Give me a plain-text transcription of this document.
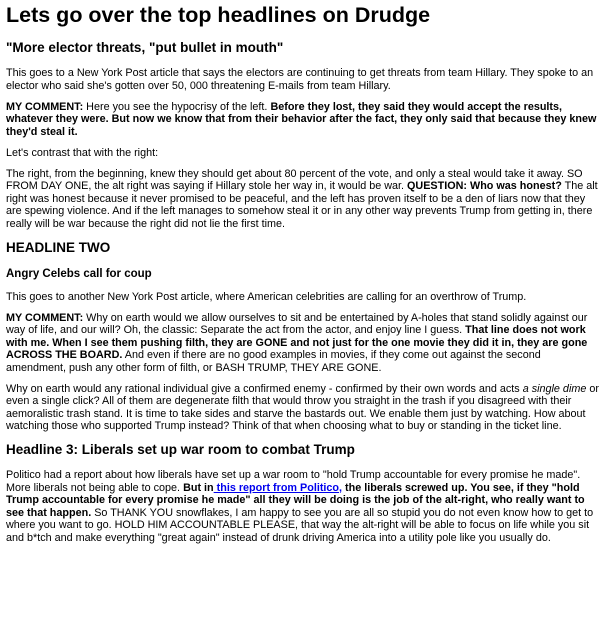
Lets go over the top headlines on Drudge
"More elector threats, "put bullet in mouth"

This goes to a New York Post article that says the electors are continuing to get threats from team Hillary. They spoke to an elector who said she's gotten over 50, 000 threatening E-mails from team Hillary.

MY COMMENT: Here you see the hypocrisy of the left. Before they lost, they said they would accept the results, whatever they were. But now we know that from their behavior after the fact, they only said that because they knew they'd steal it.

Let's contrast that with the right:

The right, from the beginning, knew they should get about 80 percent of the vote, and only a steal would take it away. SO FROM DAY ONE, the alt right was saying if Hillary stole her way in, it would be war. QUESTION: Who was honest? The alt right was honest because it never promised to be peaceful, and the left has proven itself to be a den of liars now that they are spewing violence. And if the left manages to somehow steal it or in any other way prevents Trump from getting in, there really will be war because the right did not lie the first time.

HEADLINE TWO
Angry Celebs call for coup

This goes to another New York Post article, where American celebrities are calling for an overthrow of Trump.

MY COMMENT: Why on earth would we allow ourselves to sit and be entertained by A-holes that stand solidly against our way of life, and our will? Oh, the classic: Separate the act from the actor, and enjoy line I guess. That line does not work with me. When I see them pushing filth, they are GONE and not just for the one movie they did it in, they are gone ACROSS THE BOARD. And even if there are no good examples in movies, if they come out against the second amendment, push any other form of filth, or BASH TRUMP, THEY ARE GONE.

Why on earth would any rational individual give a confirmed enemy - confirmed by their own words and acts a single dime or even a single click? All of them are degenerate filth that would throw you straight in the trash if you disagreed with their aemoralistic trash stand. It is time to take sides and starve the bastards out. We enable them just by watching. How about watching those who supported Trump instead? Think of that when choosing what to buy or standing in the ticket line.

Headline 3: Liberals set up war room to combat Trump

Politico had a report about how liberals have set up a war room to "hold Trump accountable for every promise he made". More liberals not being able to cope. But in this report from Politico, the liberals screwed up. You see, if they "hold Trump accountable for every promise he made" all they will be doing is the job of the alt-right, who really want to see that happen. So THANK YOU snowflakes, I am happy to see you are all so stupid you do not even know how to get to where you want to go. HOLD HIM ACCOUNTABLE PLEASE, that way the alt-right will be able to focus on life while you sit and b*tch and make everything "great again" instead of drunk driving America into a utility pole like you usually do.
